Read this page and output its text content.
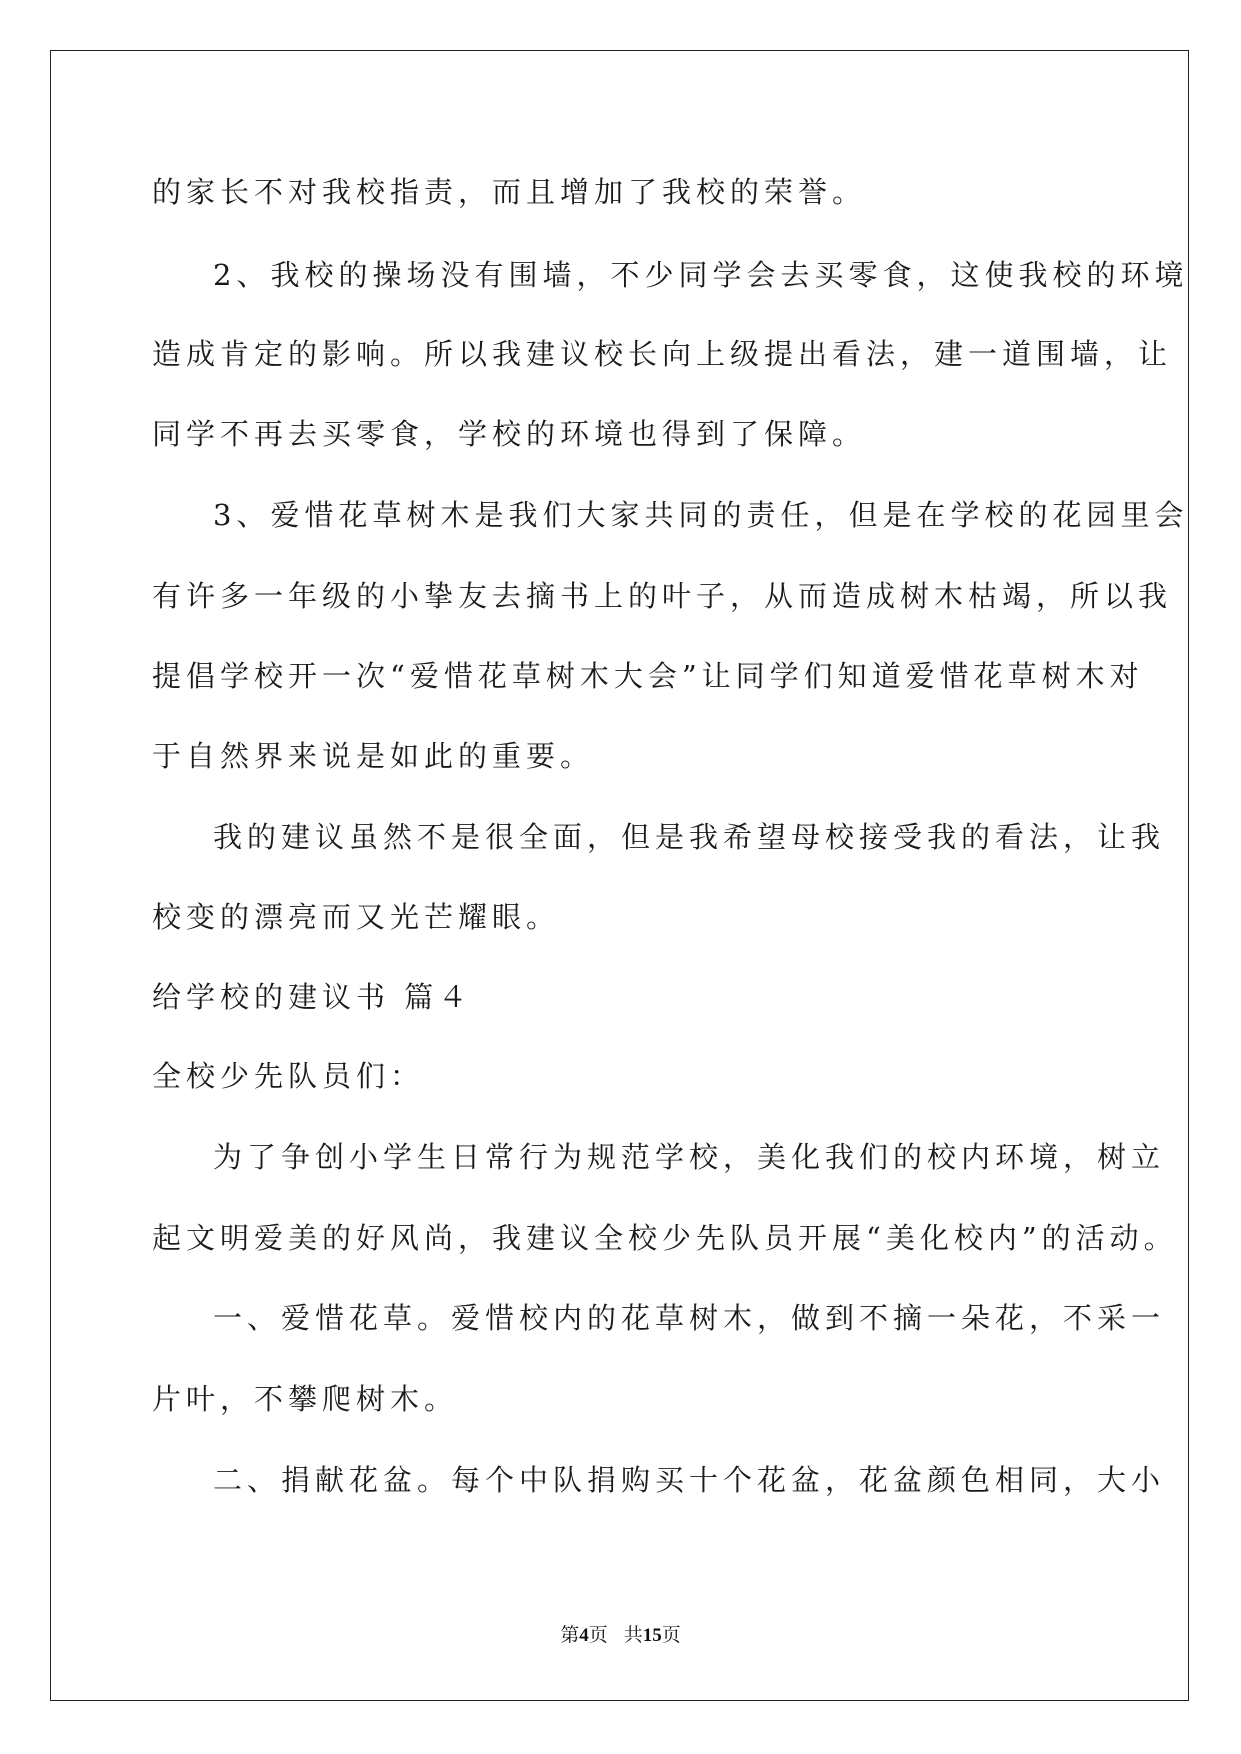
的家长不对我校指责，而且增加了我校的荣誉。
2、我校的操场没有围墙，不少同学会去买零食，这使我校的环境
造成肯定的影响。所以我建议校长向上级提出看法，建一道围墙，让
同学不再去买零食，学校的环境也得到了保障。
3、爱惜花草树木是我们大家共同的责任，但是在学校的花园里会
有许多一年级的小挚友去摘书上的叶子，从而造成树木枯竭，所以我
提倡学校开一次“爱惜花草树木大会”让同学们知道爱惜花草树木对
于自然界来说是如此的重要。
我的建议虽然不是很全面，但是我希望母校接受我的看法，让我
校变的漂亮而又光芒耀眼。
给学校的建议书 篇４
全校少先队员们：
为了争创小学生日常行为规范学校，美化我们的校内环境，树立
起文明爱美的好风尚，我建议全校少先队员开展“美化校内”的活动。
一、爱惜花草。爱惜校内的花草树木，做到不摘一朵花，不采一
片叶，不攀爬树木。
二、捐献花盆。每个中队捐购买十个花盆，花盆颜色相同，大小
第4页 共15页
